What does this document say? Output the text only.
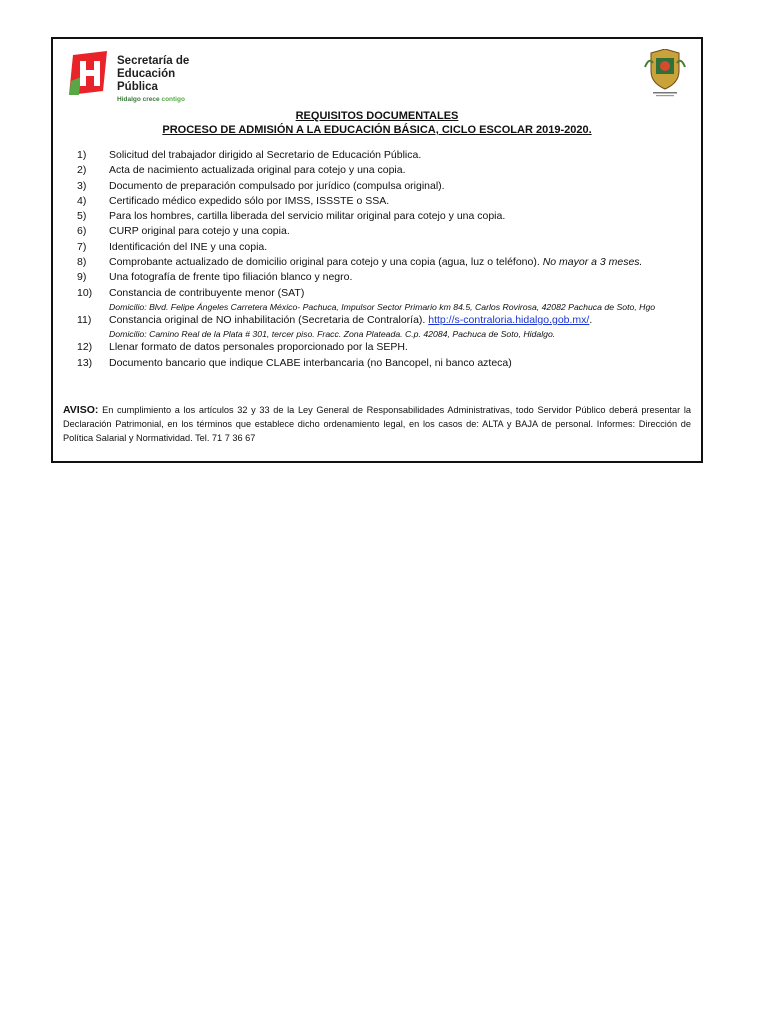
Secretaría de
Educación Pública
Hidalgo crece contigo
REQUISITOS DOCUMENTALES
PROCESO DE ADMISIÓN A LA EDUCACIÓN BÁSICA, CICLO ESCOLAR 2019-2020.
1)	Solicitud del trabajador dirigido al Secretario de Educación Pública.
2)	Acta de nacimiento actualizada original para cotejo y una copia.
3)	Documento de preparación compulsado por jurídico (compulsa original).
4)	Certificado médico expedido sólo por IMSS, ISSSTE o SSA.
5)	Para los hombres, cartilla liberada del servicio militar original para cotejo y una copia.
6)	CURP original para cotejo y una copia.
7)	Identificación del INE y una copia.
8)	Comprobante actualizado de domicilio original para cotejo y una copia (agua, luz o teléfono). No mayor a 3 meses.
9)	Una fotografía de frente tipo filiación blanco y negro.
10)	Constancia de contribuyente menor (SAT)
Domicilio: Blvd. Felipe Ángeles Carretera México- Pachuca, Impulsor Sector Primario km 84.5, Carlos Rovirosa, 42082 Pachuca de Soto, Hgo
11)	Constancia original de NO inhabilitación (Secretaria de Contraloría). http://s-contraloria.hidalgo.gob.mx/.
Domicilio: Camino Real de la Plata # 301, tercer piso. Fracc. Zona Plateada. C.p. 42084, Pachuca de Soto, Hidalgo.
12)	Llenar formato de datos personales proporcionado por la SEPH.
13)	Documento bancario que indique CLABE interbancaria (no Bancopel, ni banco azteca)
AVISO: En cumplimiento a los artículos 32 y 33 de la Ley General de Responsabilidades Administrativas, todo Servidor Público deberá presentar la Declaración Patrimonial, en los términos que establece dicho ordenamiento legal, en los casos de: ALTA y BAJA de personal. Informes: Dirección de Política Salarial y Normatividad. Tel. 71 7 36 67
